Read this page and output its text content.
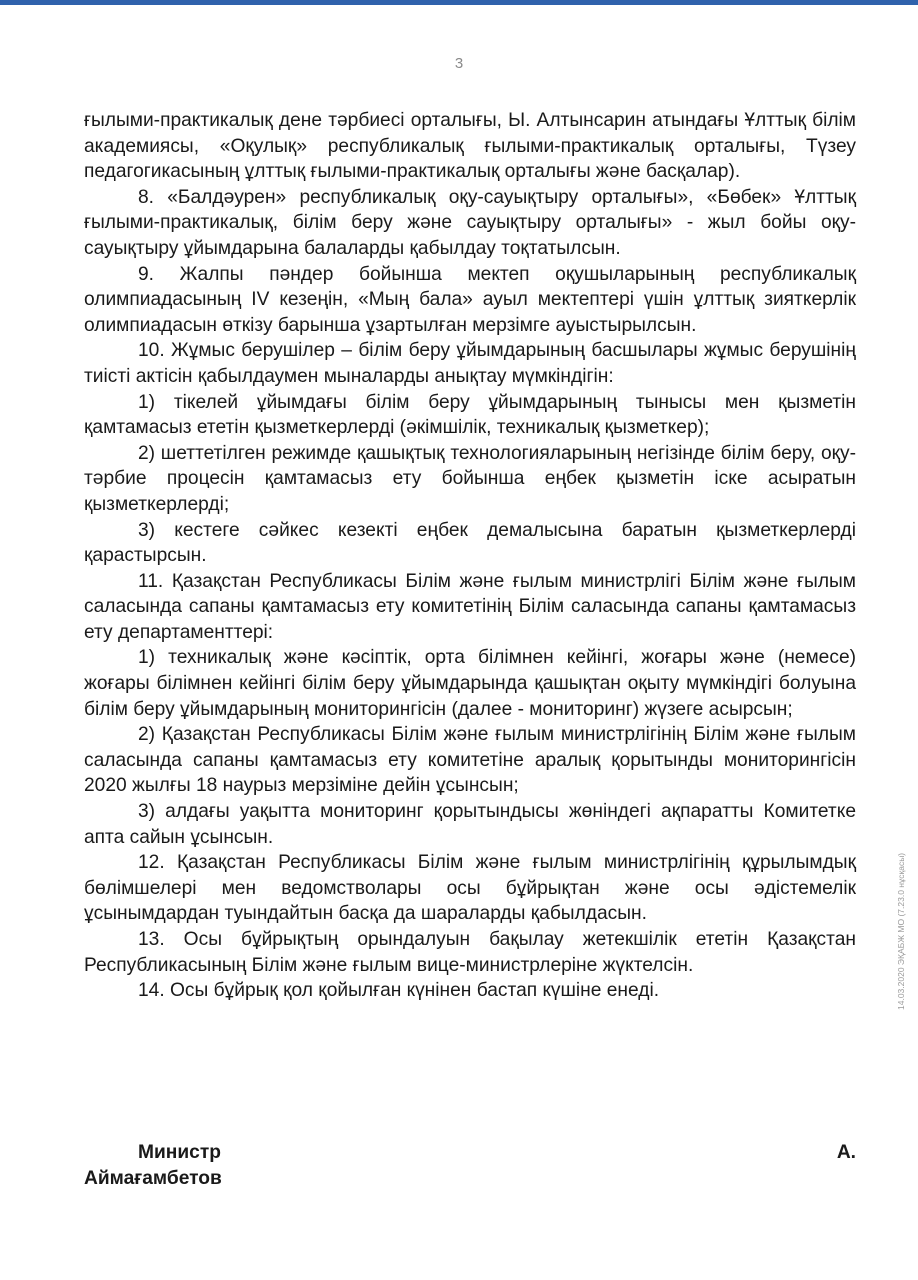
3

ғылыми-практикалық дене тәрбиесі орталығы, Ы. Алтынсарин атындағы Ұлттық білім академиясы, «Оқулық» республикалық ғылыми-практикалық орталығы, Түзеу педагогикасының ұлттық ғылыми-практикалық орталығы және басқалар).

8. «Балдәурен» республикалық оқу-сауықтыру орталығы», «Бөбек» Ұлттық ғылыми-практикалық, білім беру және сауықтыру орталығы» - жыл бойы оқу-сауықтыру ұйымдарына балаларды қабылдау тоқтатылсын.

9. Жалпы пәндер бойынша мектеп оқушыларының республикалық олимпиадасының IV кезеңін, «Мың бала» ауыл мектептері үшін ұлттық зияткерлік олимпиадасын өткізу барынша ұзартылған мерзімге ауыстырылсын.

10. Жұмыс берушілер – білім беру ұйымдарының басшылары жұмыс берушінің тиісті актісін қабылдаумен мыналарды анықтау мүмкіндігін:

1) тікелей ұйымдағы білім беру ұйымдарының тынысы мен қызметін қамтамасыз ететін қызметкерлерді (әкімшілік, техникалық қызметкер);

2) шеттетілген режимде қашықтық технологияларының негізінде білім беру, оқу-тәрбие процесін қамтамасыз ету бойынша еңбек қызметін іске асыратын қызметкерлерді;

3) кестеге сәйкес кезекті еңбек демалысына баратын қызметкерлерді қарастырсын.

11. Қазақстан Республикасы Білім және ғылым министрлігі Білім және ғылым саласында сапаны қамтамасыз ету комитетінің Білім саласында сапаны қамтамасыз ету департаменттері:

1) техникалық және кәсіптік, орта білімнен кейінгі, жоғары және (немесе) жоғары білімнен кейінгі білім беру ұйымдарында қашықтан оқыту мүмкіндігі болуына білім беру ұйымдарының мониторингісін (далее - мониторинг) жүзеге асырсын;

2) Қазақстан Республикасы Білім және ғылым министрлігінің Білім және ғылым саласында сапаны қамтамасыз ету комитетіне аралық қорытынды мониторингісін 2020 жылғы 18 наурыз мерзіміне дейін ұсынсын;

3) алдағы уақытта мониторинг қорытындысы жөніндегі ақпаратты Комитетке апта сайын ұсынсын.

12. Қазақстан Республикасы Білім және ғылым министрлігінің құрылымдық бөлімшелері мен ведомстволары осы бұйрықтан және осы әдістемелік ұсынымдардан туындайтын басқа да шараларды қабылдасын.

13. Осы бұйрықтың орындалуын бақылау жетекшілік ететін Қазақстан Республикасының Білім және ғылым вице-министрлеріне жүктелсін.

14. Осы бұйрық қол қойылған күнінен бастап күшіне енеді.

Министр	А.
Аймағамбетов
14.03.2020 ЭҚАБЖ МО (7.23.0 нұсқасы)
